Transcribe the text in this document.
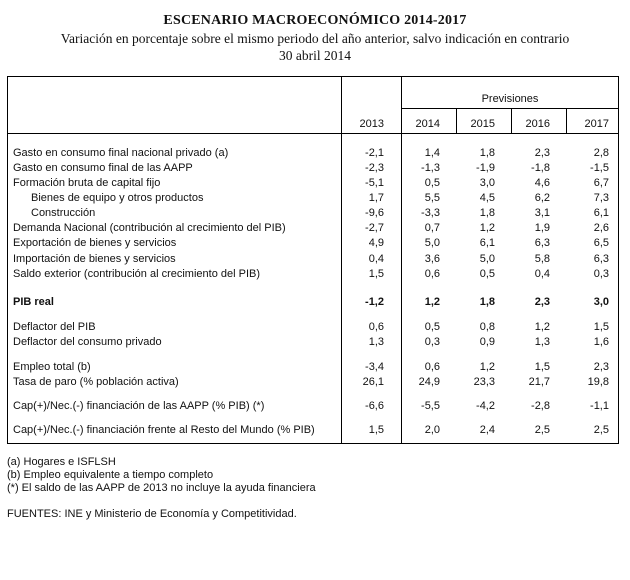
ESCENARIO MACROECONÓMICO 2014-2017
Variación en porcentaje sobre el mismo periodo del año anterior, salvo indicación en contrario
30 abril 2014
Previsiones
2013	2014	2015	2016	2017
Gasto en consumo final nacional privado (a)	-2,1	1,4	1,8	2,3	2,8
Gasto en consumo final de las AAPP	-2,3	-1,3	-1,9	-1,8	-1,5
Formación bruta de capital fijo	-5,1	0,5	3,0	4,6	6,7
Bienes de equipo y otros productos	1,7	5,5	4,5	6,2	7,3
Construcción	-9,6	-3,3	1,8	3,1	6,1
Demanda Nacional (contribución al crecimiento del PIB)	-2,7	0,7	1,2	1,9	2,6
Exportación de bienes y servicios	4,9	5,0	6,1	6,3	6,5
Importación de bienes y servicios	0,4	3,6	5,0	5,8	6,3
Saldo exterior (contribución al crecimiento del PIB)	1,5	0,6	0,5	0,4	0,3
PIB real	-1,2	1,2	1,8	2,3	3,0
Deflactor del PIB	0,6	0,5	0,8	1,2	1,5
Deflactor del consumo privado	1,3	0,3	0,9	1,3	1,6
Empleo total (b)	-3,4	0,6	1,2	1,5	2,3
Tasa de paro (% población activa)	26,1	24,9	23,3	21,7	19,8
Cap(+)/Nec.(-) financiación de las AAPP (% PIB) (*)	-6,6	-5,5	-4,2	-2,8	-1,1
Cap(+)/Nec.(-) financiación frente al Resto del Mundo (% PIB)	1,5	2,0	2,4	2,5	2,5
(a) Hogares e ISFLSH
(b) Empleo equivalente a tiempo completo
(*) El saldo de las AAPP de 2013 no incluye la ayuda financiera
FUENTES: INE y Ministerio de Economía y Competitividad.
